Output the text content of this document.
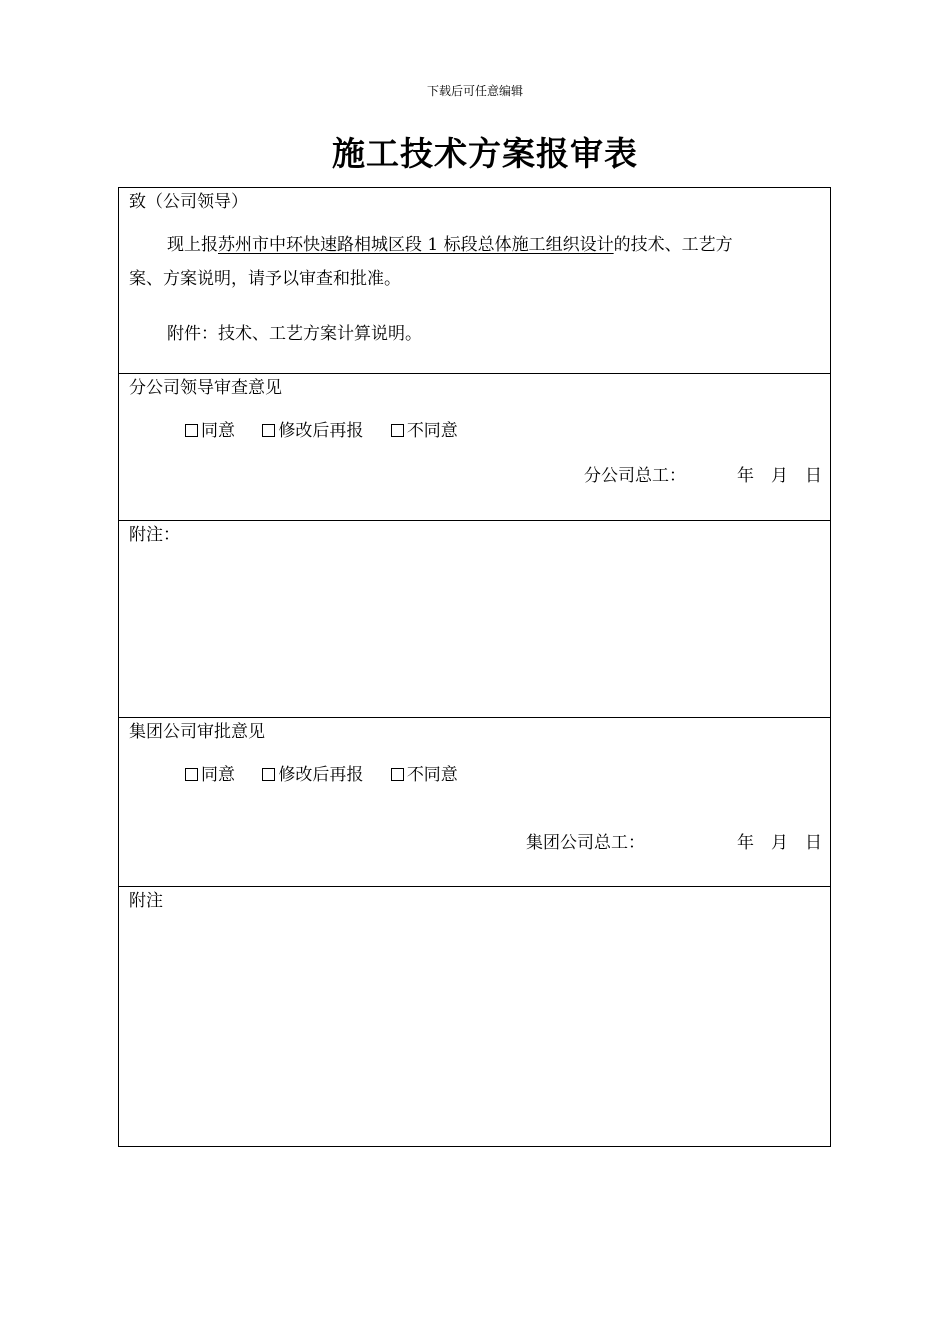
下载后可任意编辑
施工技术方案报审表
致（公司领导）
现上报苏州市中环快速路相城区段 1 标段总体施工组织设计的技术、工艺方
案、方案说明，请予以审查和批准。
附件：技术、工艺方案计算说明。
分公司领导审查意见
同意	修改后再报	不同意
分公司总工：	年 月 日
附注：
集团公司审批意见
同意	修改后再报	不同意
集团公司总工：	年 月 日
附注
